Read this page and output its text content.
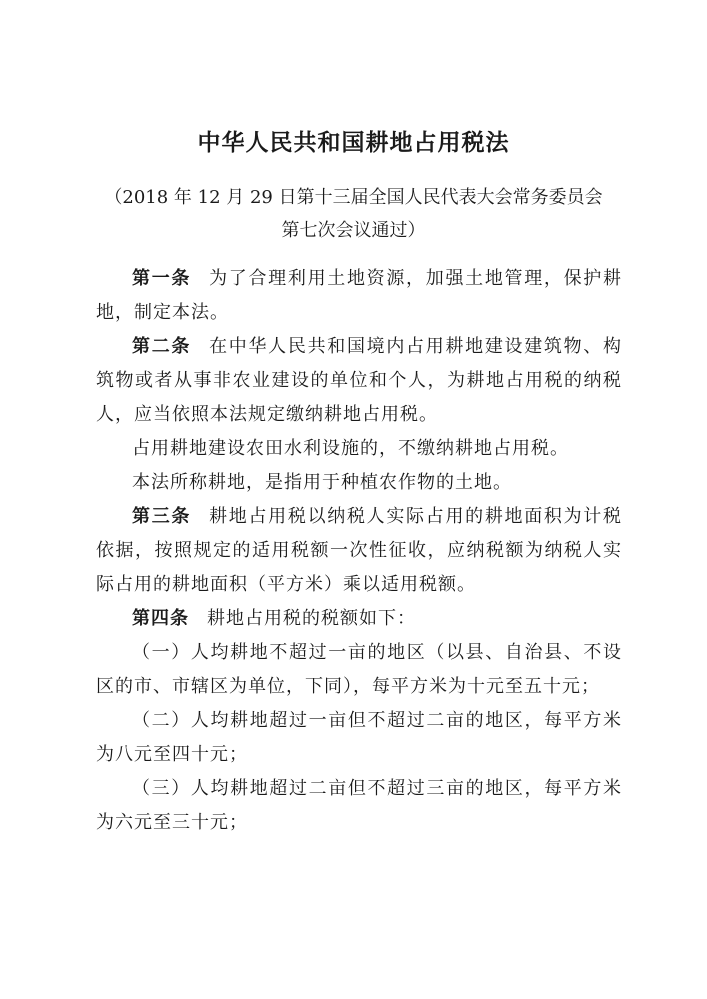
中华人民共和国耕地占用税法

（2018 年 12 月 29 日第十三届全国人民代表大会常务委员会

第七次会议通过）

第一条 为了合理利用土地资源，加强土地管理，保护耕地，制定本法。

第二条 在中华人民共和国境内占用耕地建设建筑物、构筑物或者从事非农业建设的单位和个人，为耕地占用税的纳税人，应当依照本法规定缴纳耕地占用税。

占用耕地建设农田水利设施的，不缴纳耕地占用税。

本法所称耕地，是指用于种植农作物的土地。

第三条 耕地占用税以纳税人实际占用的耕地面积为计税依据，按照规定的适用税额一次性征收，应纳税额为纳税人实际占用的耕地面积（平方米）乘以适用税额。

第四条 耕地占用税的税额如下：

（一）人均耕地不超过一亩的地区（以县、自治县、不设区的市、市辖区为单位，下同），每平方米为十元至五十元；

（二）人均耕地超过一亩但不超过二亩的地区，每平方米为八元至四十元；

（三）人均耕地超过二亩但不超过三亩的地区，每平方米为六元至三十元；
